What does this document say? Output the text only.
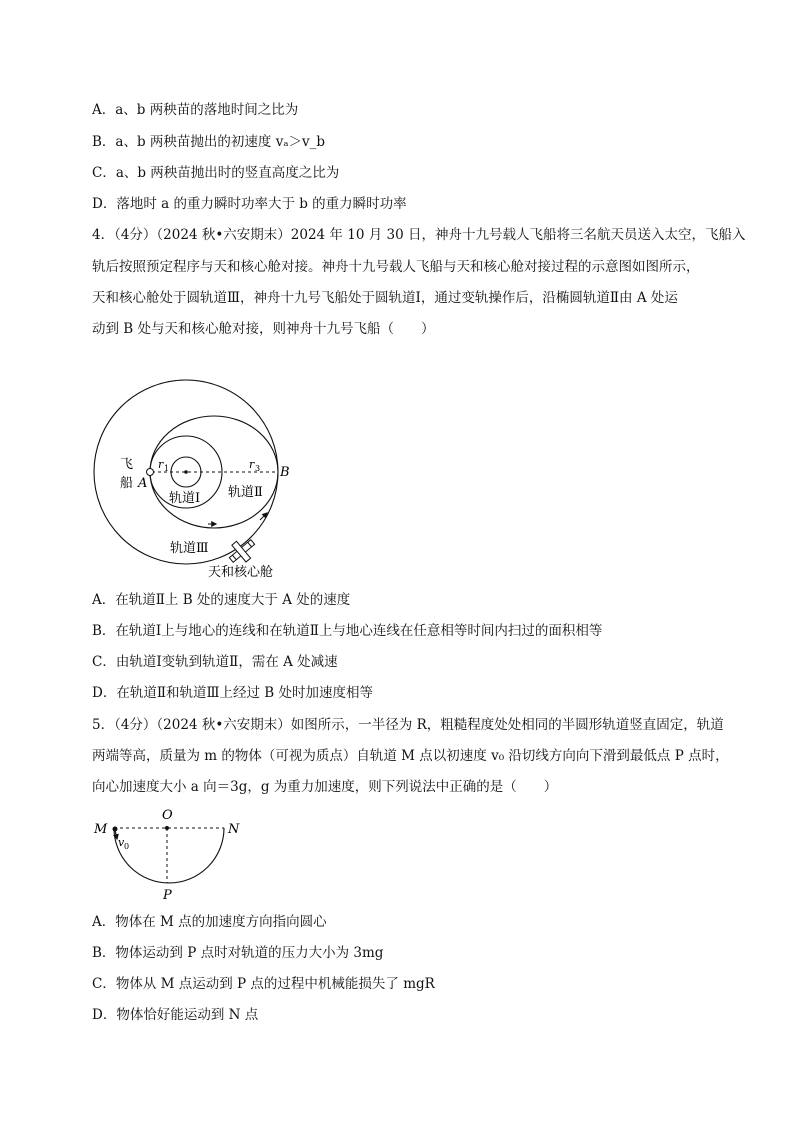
A．a、b 两秧苗的落地时间之比为
B．a、b 两秧苗抛出的初速度 vₐ＞v_b
C．a、b 两秧苗抛出时的竖直高度之比为
D．落地时 a 的重力瞬时功率大于 b 的重力瞬时功率
4．（4分）（2024 秋•六安期末）2024 年 10 月 30 日，神舟十九号载人飞船将三名航天员送入太空，飞船入
轨后按照预定程序与天和核心舱对接。神舟十九号载人飞船与天和核心舱对接过程的示意图如图所示，
天和核心舱处于圆轨道Ⅲ，神舟十九号飞船处于圆轨道Ⅰ，通过变轨操作后，沿椭圆轨道Ⅱ由 A 处运
动到 B 处与天和核心舱对接，则神舟十九号飞船（　　）
飞
船 A
B
r 1	r 3
轨道Ⅰ 轨道Ⅱ
轨道Ⅲ
天和核心舱
A．在轨道Ⅱ上 B 处的速度大于 A 处的速度
B．在轨道Ⅰ上与地心的连线和在轨道Ⅱ上与地心连线在任意相等时间内扫过的面积相等
C．由轨道Ⅰ变轨到轨道Ⅱ，需在 A 处减速
D．在轨道Ⅱ和轨道Ⅲ上经过 B 处时加速度相等
5．（4分）（2024 秋•六安期末）如图所示，一半径为 R，粗糙程度处处相同的半圆形轨道竖直固定，轨道
两端等高，质量为 m 的物体（可视为质点）自轨道 M 点以初速度 v₀ 沿切线方向向下滑到最低点 P 点时，
向心加速度大小 a 向＝3g，g 为重力加速度，则下列说法中正确的是（　　）
M
O
N
P
v 0
A．物体在 M 点的加速度方向指向圆心
B．物体运动到 P 点时对轨道的压力大小为 3mg
C．物体从 M 点运动到 P 点的过程中机械能损失了 mgR
D．物体恰好能运动到 N 点
